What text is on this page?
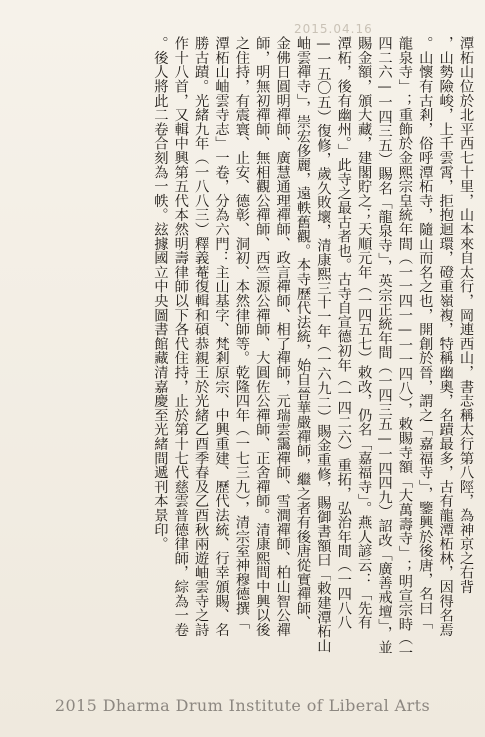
2015.04.16
潭柘山位於北平西七十里，山本來自太行，岡連西山，書志稱太行第八陘，為神京之右背
，山勢險峻，上千雲霄，拒抱迴環，磴重嶺複，特稱幽奧，名蹟最多，古有龍潭柘林，因得名焉
。山懷有古剎，俗呼潭柘寺，隨山而名之也，開創於晉，謂之「嘉福寺」，鑒興於後唐，名曰「
龍泉寺」；重飾於金熙宗皇統年間（一一四一—一一四八），敕賜寺額「大萬壽寺」；明宣宗時（一
四二六—一四三五）賜名「龍泉寺」，英宗正統年間（一四三五—一四四九）詔改「廣善戒壇」，並
賜金額，頒大藏，建閣貯之；天順元年（一四五七）敕改，仍名「嘉福寺」。燕人諺云：「先有
潭柘，後有幽州。」此寺之最古者也。古寺自宣德初年（一四二六）重拓，弘治年間（一四八八
—一五〇五）復修，歲久敗壞，清康熙三十一年（一六九二）賜金重修，賜御書額曰「敕建潭柘山
岫雲禪寺」，崇宏侈麗，遠軼舊觀。本寺歷代法統，始自晉華嚴禪師，繼之者有後唐從實禪師、
金佛日圓明禪師、廣慧通理禪師、政言禪師、相了禪師，元瑞雲靄禪師、雪澗禪師、柏山智公禪
師，明無初禪師、無相觀公禪師、西竺源公禪師、大圓佐公禪師、正舍禪師。清康熙間中興以後
之住持，有震寰、止安、德彰、洞初、本然律師等。乾隆四年（一七三九），清宗室神穆德撰「
潭柘山岫雲寺志」一卷，分為六門：主山基字、梵剎原宗、中興重建、歷代法統、行幸頒賜、名
勝古蹟。光緒九年（一八八三）釋義菴復輯和碩恭親王於光緒乙酉季春及乙酉秋兩遊岫雲寺之詩
作十八首，又輯中興第五代本然明壽律師以下各代住持，止於第十七代慈雲普德律師，綜為一卷
。後人將此二卷合刻為一帙。玆據國立中央圖書館藏清嘉慶至光緒間遞刊本景印。
2015 Dharma Drum Institute of Liberal Arts
